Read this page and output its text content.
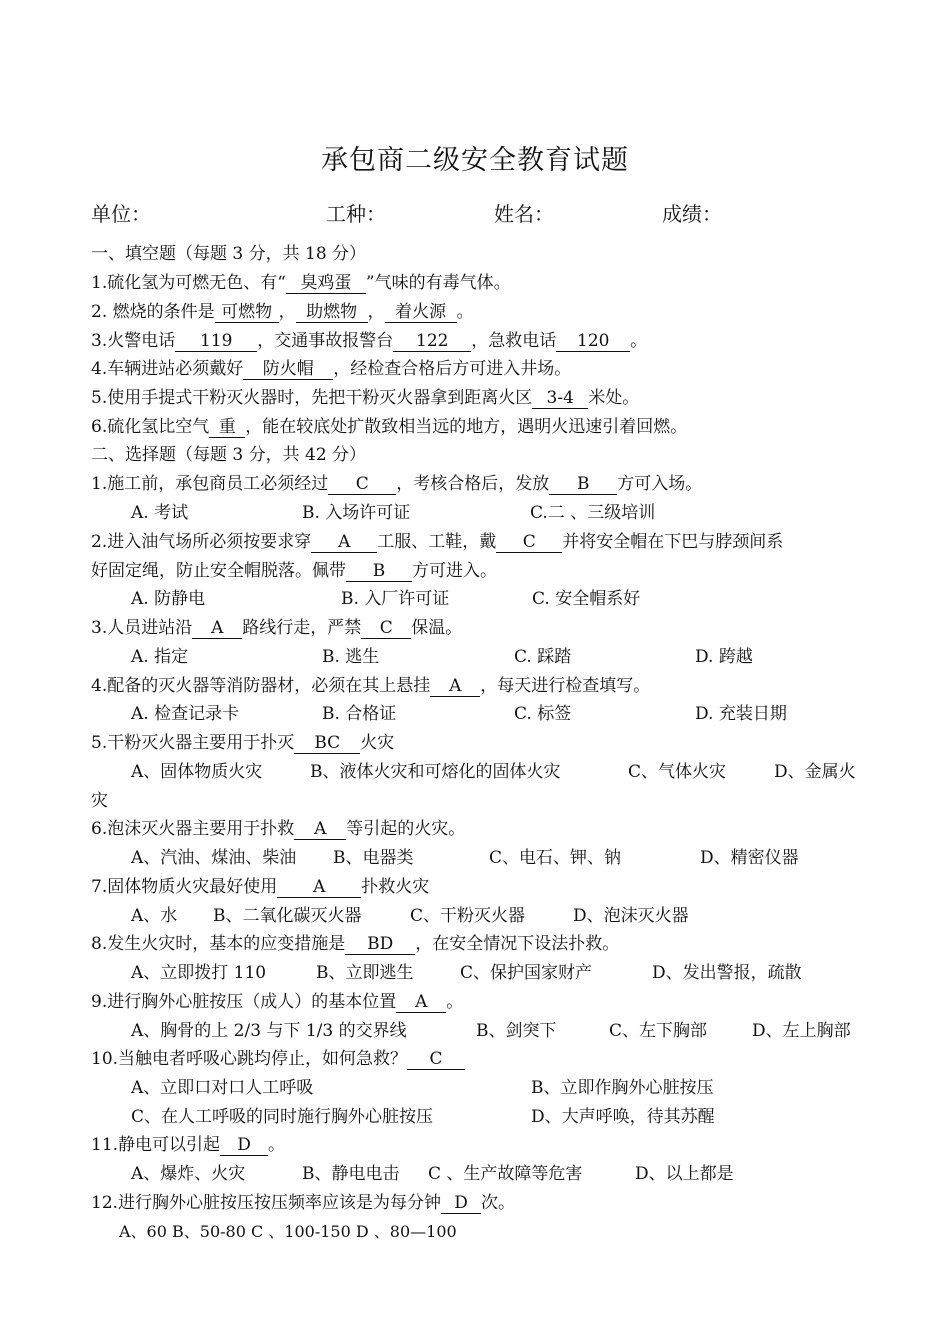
承包商二级安全教育试题
单位：	工种：	姓名：	成绩：
一、填空题（每题 3 分，共 18 分）
1.硫化氢为可燃无色、有“ 臭鸡蛋 ”气味的有毒气体。
2. 燃烧的条件是 可燃物 ， 助燃物 ， 着火源 。
3.火警电话 119 ，交通事故报警台 122 ，急救电话 120 。
4.车辆进站必须戴好 防火帽 ，经检查合格后方可进入井场。
5.使用手提式干粉灭火器时，先把干粉灭火器拿到距离火区 3-4 米处。
6.硫化氢比空气 重 ，能在较底处扩散致相当远的地方，遇明火迅速引着回燃。
二、选择题（每题 3 分，共 42 分）
1.施工前，承包商员工必须经过 C ，考核合格后，发放 B 方可入场。
A. 考试	B. 入场许可证	C.二 、三级培训
2.进入油气场所必须按要求穿 A 工服、工鞋，戴 C 并将安全帽在下巴与脖颈间系
好固定绳，防止安全帽脱落。佩带 B 方可进入。
A. 防静电	B. 入厂许可证	C. 安全帽系好
3.人员进站沿 A 路线行走，严禁 C 保温。
A. 指定	B. 逃生	C. 踩踏	D. 跨越
4.配备的灭火器等消防器材，必须在其上悬挂 A ，每天进行检查填写。
A. 检查记录卡	B. 合格证	C. 标签	D. 充装日期
5.干粉灭火器主要用于扑灭 BC 火灾
A、固体物质火灾	B、液体火灾和可熔化的固体火灾	C、气体火灾	D、金属火
灾
6.泡沫灭火器主要用于扑救 A 等引起的火灾。
A、汽油、煤油、柴油 B、电器类	C、电石、钾、钠	D、精密仪器
7.固体物质火灾最好使用 A 扑救火灾
A、水 B、二氧化碳灭火器	C、干粉灭火器	D、泡沫灭火器
8.发生火灾时，基本的应变措施是 BD ，在安全情况下设法扑救。
A、立即拨打 110	B、立即逃生	C、保护国家财产	D、发出警报，疏散
9.进行胸外心脏按压（成人）的基本位置 A 。
A、胸骨的上 2/3 与下 1/3 的交界线	B、剑突下	C、左下胸部	D、左上胸部
10.当触电者呼吸心跳均停止，如何急救？ C
A、立即口对口人工呼吸	B、立即作胸外心脏按压
C、在人工呼吸的同时施行胸外心脏按压	D、大声呼唤，待其苏醒
11.静电可以引起 D 。
A、爆炸、火灾	B、静电电击 C 、生产故障等危害	D、以上都是
12.进行胸外心脏按压按压频率应该是为每分钟 D 次。
A、60 B、50-80 C 、100-150 D 、80—100
